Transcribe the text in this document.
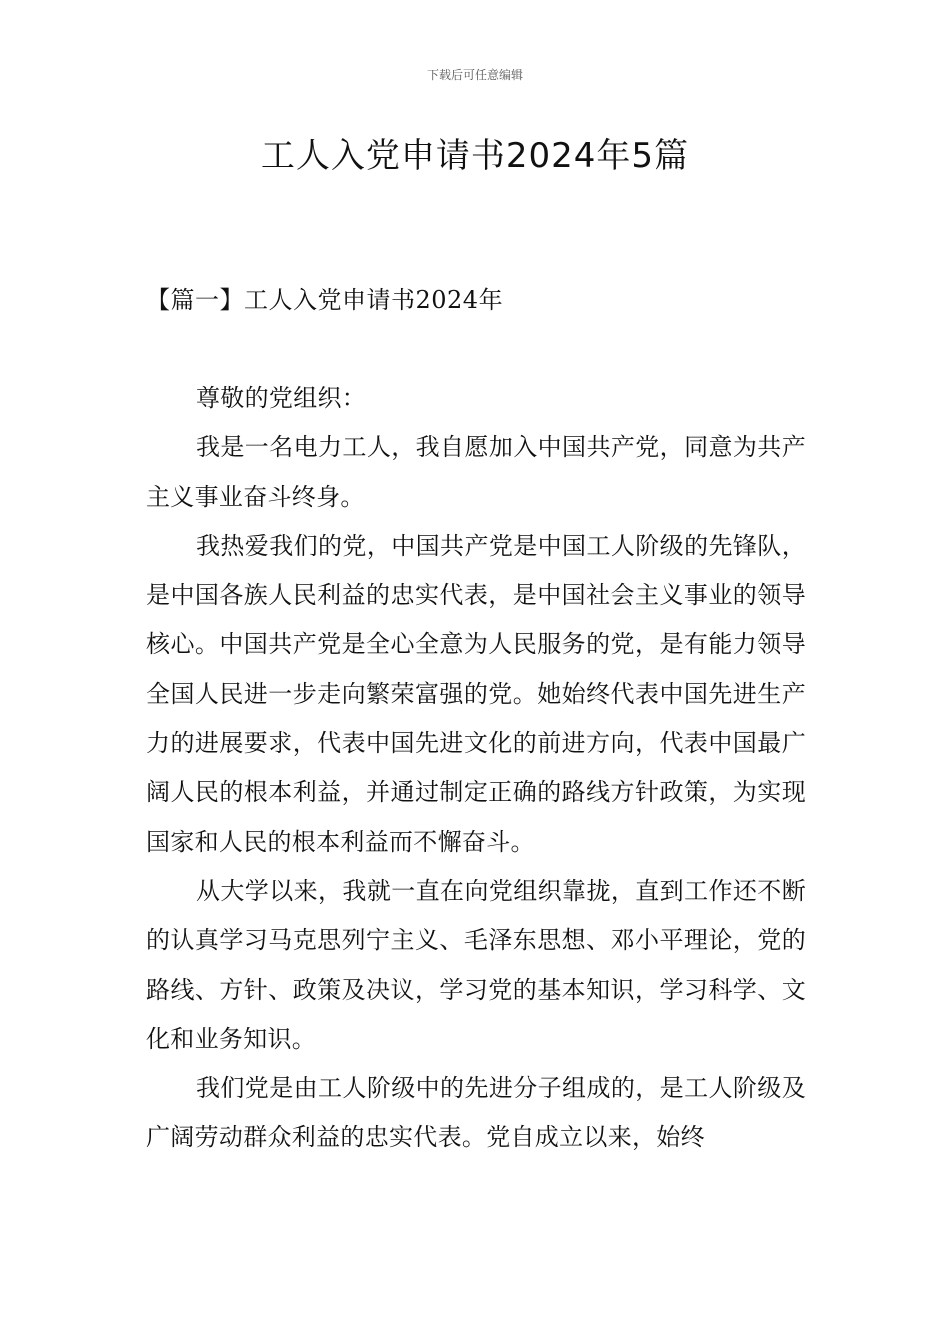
下载后可任意编辑
工人入党申请书2024年5篇
【篇一】工人入党申请书2024年

尊敬的党组织：

我是一名电力工人，我自愿加入中国共产党，同意为共产主义事业奋斗终身。

我热爱我们的党，中国共产党是中国工人阶级的先锋队，是中国各族人民利益的忠实代表，是中国社会主义事业的领导核心。中国共产党是全心全意为人民服务的党，是有能力领导全国人民进一步走向繁荣富强的党。她始终代表中国先进生产力的进展要求，代表中国先进文化的前进方向，代表中国最广阔人民的根本利益，并通过制定正确的路线方针政策，为实现国家和人民的根本利益而不懈奋斗。

从大学以来，我就一直在向党组织靠拢，直到工作还不断的认真学习马克思列宁主义、毛泽东思想、邓小平理论，党的路线、方针、政策及决议，学习党的基本知识，学习科学、文化和业务知识。

我们党是由工人阶级中的先进分子组成的，是工人阶级及广阔劳动群众利益的忠实代表。党自成立以来，始终
